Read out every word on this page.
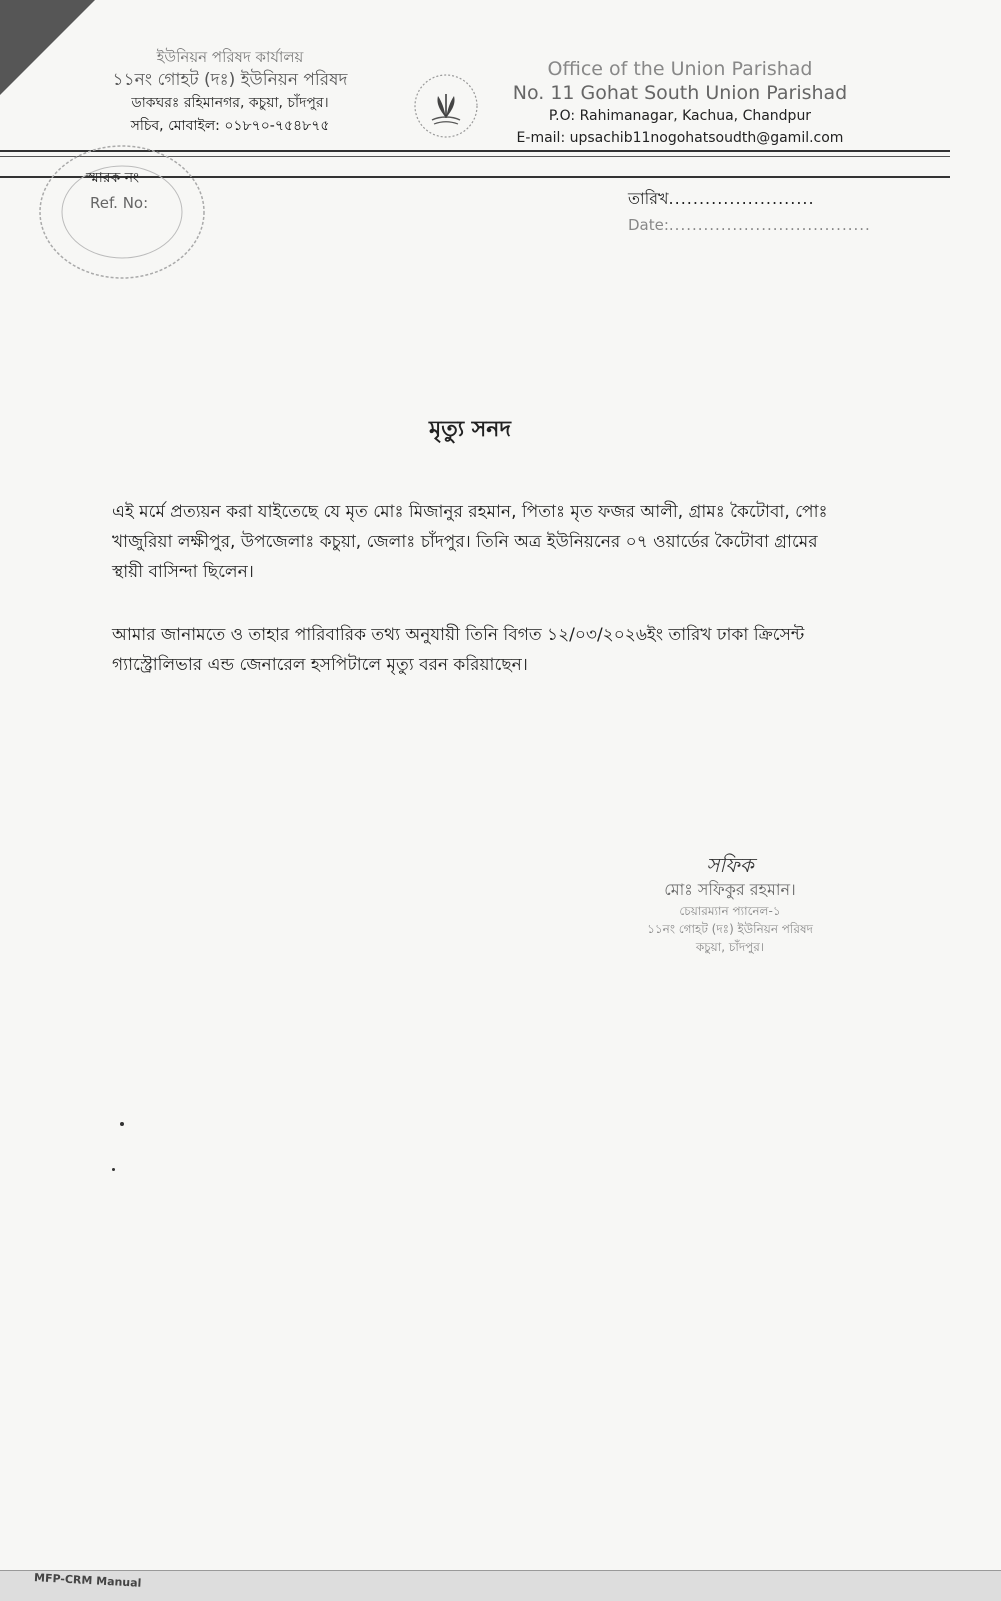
ইউনিয়ন পরিষদ কার্যালয়
১১নং গোহট (দঃ) ইউনিয়ন পরিষদ
ডাকঘরঃ রহিমানগর, কচুয়া, চাঁদপুর।
সচিব, মোবাইল: ০১৮৭০-৭৫৪৮৭৫
Office of the Union Parishad
No. 11 Gohat South Union Parishad
P.O: Rahimanagar, Kachua, Chandpur
E-mail: upsachib11nogohatsoudth@gamil.com
স্মারক নং
Ref. No:	তারিখ........................
Date:...................................
মৃত্যু সনদ
এই মর্মে প্রত্যয়ন করা যাইতেছে যে মৃত মোঃ মিজানুর রহমান, পিতাঃ মৃত ফজর আলী, গ্রামঃ কৈটোবা, পোঃ খাজুরিয়া লক্ষীপুর, উপজেলাঃ কচুয়া, জেলাঃ চাঁদপুর। তিনি অত্র ইউনিয়নের ০৭ ওয়ার্ডের কৈটোবা গ্রামের স্থায়ী বাসিন্দা ছিলেন।
আমার জানামতে ও তাহার পারিবারিক তথ্য অনুযায়ী তিনি বিগত ১২/০৩/২০২৬ইং তারিখ ঢাকা ক্রিসেন্ট গ্যাস্ট্রোলিভার এন্ড জেনারেল হসপিটালে মৃত্যু বরন করিয়াছেন।
সফিক
মোঃ সফিকুর রহমান।
চেয়ারম্যান প্যানেল-১
১১নং গোহট (দঃ) ইউনিয়ন পরিষদ
কচুয়া, চাঁদপুর।
MFP-CRM Manual
